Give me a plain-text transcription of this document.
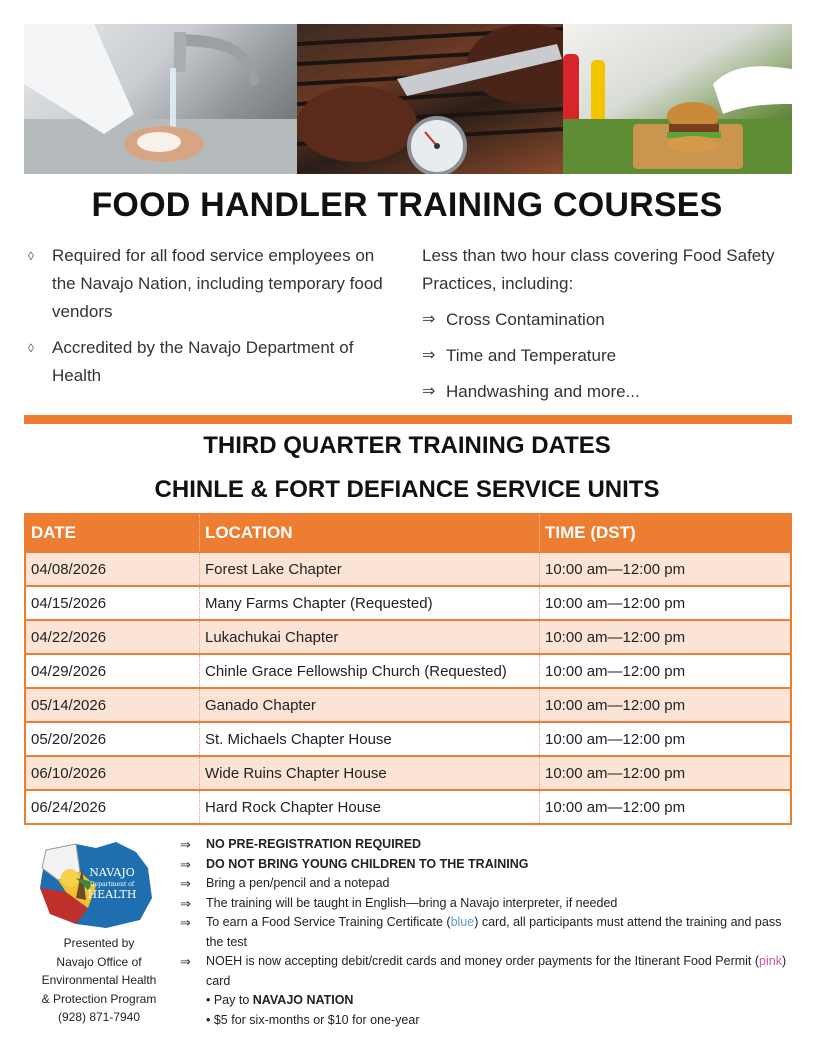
FOOD HANDLER TRAINING COURSES
◊	Required for all food service employees on the Navajo Nation, including temporary food vendors
◊	Accredited by the Navajo Department of Health
Less than two hour class covering Food Safety Practices, including:
⇒ Cross Contamination
⇒ Time and Temperature
⇒ Handwashing and more...
THIRD QUARTER TRAINING DATES
CHINLE & FORT DEFIANCE SERVICE UNITS
DATE	LOCATION	TIME (DST)
04/08/2026	Forest Lake Chapter	10:00 am—12:00 pm
04/15/2026	Many Farms Chapter (Requested)	10:00 am—12:00 pm
04/22/2026	Lukachukai Chapter	10:00 am—12:00 pm
04/29/2026	Chinle Grace Fellowship Church (Requested)	10:00 am—12:00 pm
05/14/2026	Ganado Chapter	10:00 am—12:00 pm
05/20/2026	St. Michaels Chapter House	10:00 am—12:00 pm
06/10/2026	Wide Ruins Chapter House	10:00 am—12:00 pm
06/24/2026	Hard Rock Chapter House	10:00 am—12:00 pm
NAVAJO
Department of
HEALTH
Presented by
Navajo Office of
Environmental Health
& Protection Program
(928) 871-7940
⇒	NO PRE-REGISTRATION REQUIRED
⇒	DO NOT BRING YOUNG CHILDREN TO THE TRAINING
⇒	Bring a pen/pencil and a notepad
⇒	The training will be taught in English—bring a Navajo interpreter, if needed
⇒	To earn a Food Service Training Certificate (blue) card, all participants must attend the training and pass the test
⇒	NOEH is now accepting debit/credit cards and money order payments for the Itinerant Food Permit (pink) card
• Pay to NAVAJO NATION
• $5 for six-months or $10 for one-year
